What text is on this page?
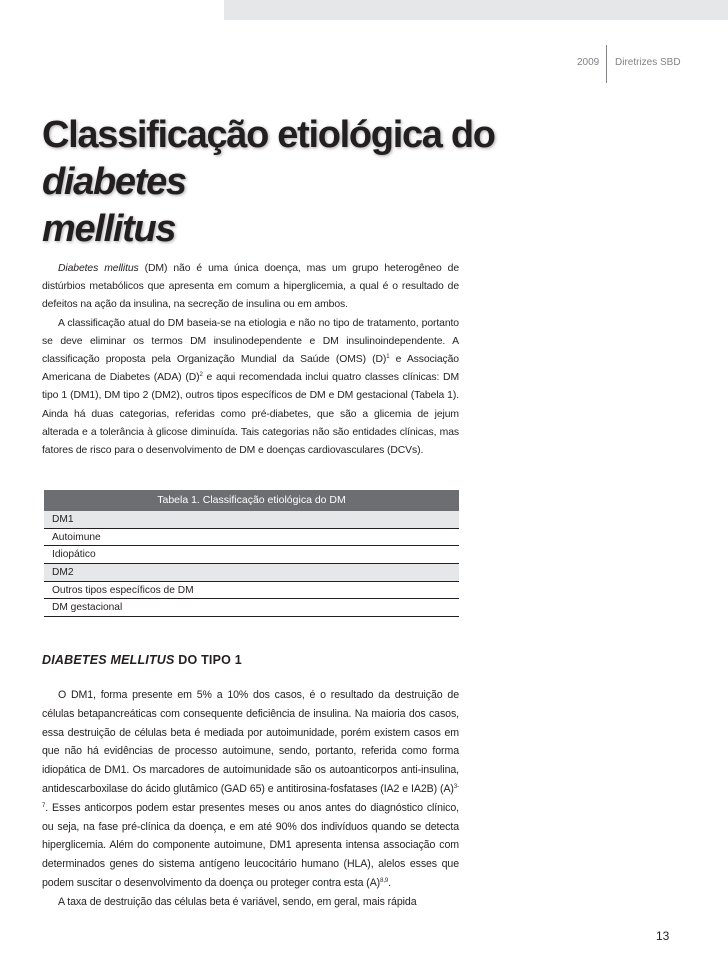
2009 Diretrizes SBD
Classificação etiológica do diabetes
mellitus

Diabetes mellitus (DM) não é uma única doença, mas um grupo heterogêneo de distúrbios metabólicos que apresenta em comum a hiperglicemia, a qual é o resultado de defeitos na ação da insulina, na secreção de insulina ou em ambos.

A classificação atual do DM baseia-se na etiologia e não no tipo de tratamento, portanto se deve eliminar os termos DM insulinodependente e DM insulinoindependente. A classificação proposta pela Organização Mundial da Saúde (OMS) $(D)^1$ e Associação Americana de Diabetes (ADA) $(D)^2$ e aqui recomendada inclui quatro classes clínicas: DM tipo 1 (DM1), DM tipo 2 (DM2), outros tipos específicos de DM e DM gestacional (Tabela 1). Ainda há duas categorias, referidas como pré-diabetes, que são a glicemia de jejum alterada e a tolerância à glicose diminuída. Tais categorias não são entidades clínicas, mas fatores de risco para o desenvolvimento de DM e doenças cardiovasculares (DCVs).

Tabela 1. Classificação etiológica do DM
DM1
Autoimune
Idiopático
DM2
Outros tipos específicos de DM
DM gestacional
DIABETES MELLITUS DO TIPO 1

O DM1, forma presente em 5% a 10% dos casos, é o resultado da destruição de células betapancreáticas com consequente deficiência de insulina. Na maioria dos casos, essa destruição de células beta é mediada por autoimunidade, porém existem casos em que não há evidências de processo autoimune, sendo, portanto, referida como forma idiopática de DM1. Os marcadores de autoimunidade são os autoanticorpos anti-insulina, antidescarboxilase do ácido glutâmico (GAD 65) e antitirosina-fosfatases (IA2 e IA2B) $(A)^{3-7}$. Esses anticorpos podem estar presentes meses ou anos antes do diagnóstico clínico, ou seja, na fase pré-clínica da doença, e em até 90% dos indivíduos quando se detecta hiperglicemia. Além do componente autoimune, DM1 apresenta intensa associação com determinados genes do sistema antígeno leucocitário humano (HLA), alelos esses que podem suscitar o desenvolvimento da doença ou proteger contra esta $(A)^{8,9}$.

A taxa de destruição das células beta é variável, sendo, em geral, mais rápida

13
